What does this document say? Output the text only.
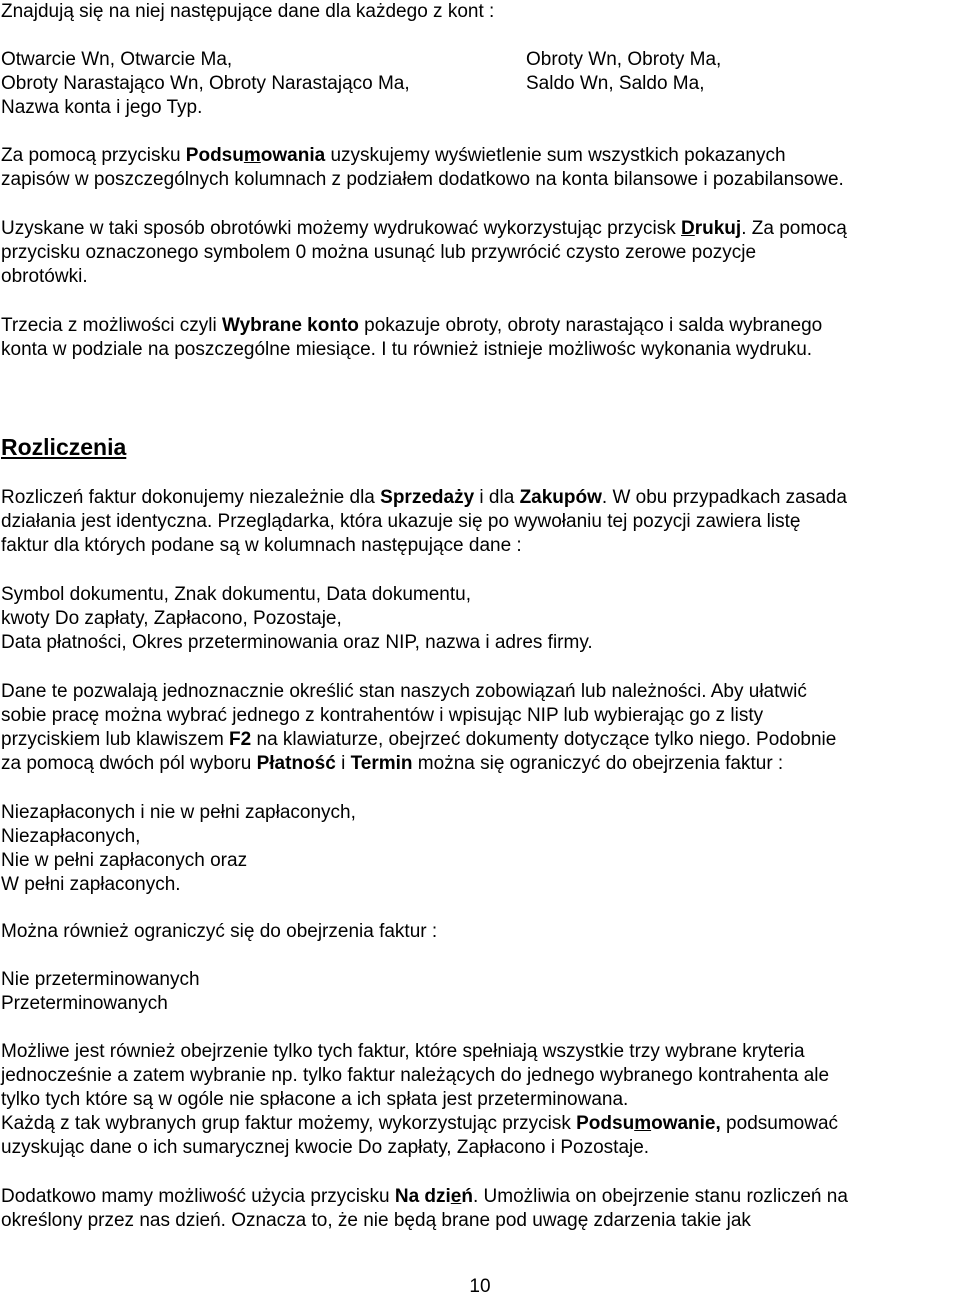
Znajdują się na niej następujące dane dla każdego z kont :
Otwarcie Wn, Otwarcie Ma,
Obroty Narastająco Wn, Obroty Narastająco Ma,
Nazwa konta i jego Typ.
Obroty Wn, Obroty Ma,
Saldo Wn, Saldo Ma,
Za pomocą przycisku Podsumowania uzyskujemy wyświetlenie sum wszystkich pokazanych
zapisów w poszczególnych kolumnach z podziałem dodatkowo na konta bilansowe i pozabilansowe.
Uzyskane w taki sposób obrotówki możemy wydrukować wykorzystując przycisk Drukuj. Za pomocą
przycisku oznaczonego symbolem 0 można usunąć lub przywrócić czysto zerowe pozycje
obrotówki.
Trzecia z możliwości czyli Wybrane konto pokazuje obroty, obroty narastająco i salda wybranego
konta w podziale na poszczególne miesiące. I tu również istnieje możliwośc wykonania wydruku.
Rozliczenia
Rozliczeń faktur dokonujemy niezależnie dla Sprzedaży i dla Zakupów. W obu przypadkach zasada
działania jest identyczna. Przeglądarka, która ukazuje się po wywołaniu tej pozycji zawiera listę
faktur dla których podane są w kolumnach następujące dane :
Symbol dokumentu, Znak dokumentu, Data dokumentu,
kwoty Do zapłaty, Zapłacono, Pozostaje,
Data płatności, Okres przeterminowania oraz NIP, nazwa i adres firmy.
Dane te pozwalają jednoznacznie określić stan naszych zobowiązań lub należności. Aby ułatwić
sobie pracę można wybrać jednego z kontrahentów i wpisując NIP lub wybierając go z listy
przyciskiem lub klawiszem F2 na klawiaturze, obejrzeć dokumenty dotyczące tylko niego. Podobnie
za pomocą dwóch pól wyboru Płatność i Termin można się ograniczyć do obejrzenia faktur :
Niezapłaconych i nie w pełni zapłaconych,
Niezapłaconych,
Nie w pełni zapłaconych oraz
W pełni zapłaconych.
Można również ograniczyć się do obejrzenia faktur :
Nie przeterminowanych
Przeterminowanych
Możliwe jest również obejrzenie tylko tych faktur, które spełniają wszystkie trzy wybrane kryteria
jednocześnie a zatem wybranie np. tylko faktur należących do jednego wybranego kontrahenta ale
tylko tych które są w ogóle nie spłacone a ich spłata jest przeterminowana.
Każdą z tak wybranych grup faktur możemy, wykorzystując przycisk Podsumowanie, podsumować
uzyskując dane o ich sumarycznej kwocie Do zapłaty, Zapłacono i Pozostaje.
Dodatkowo mamy możliwość użycia przycisku Na dzień. Umożliwia on obejrzenie stanu rozliczeń na
określony przez nas dzień. Oznacza to, że nie będą brane pod uwagę zdarzenia takie jak
10
